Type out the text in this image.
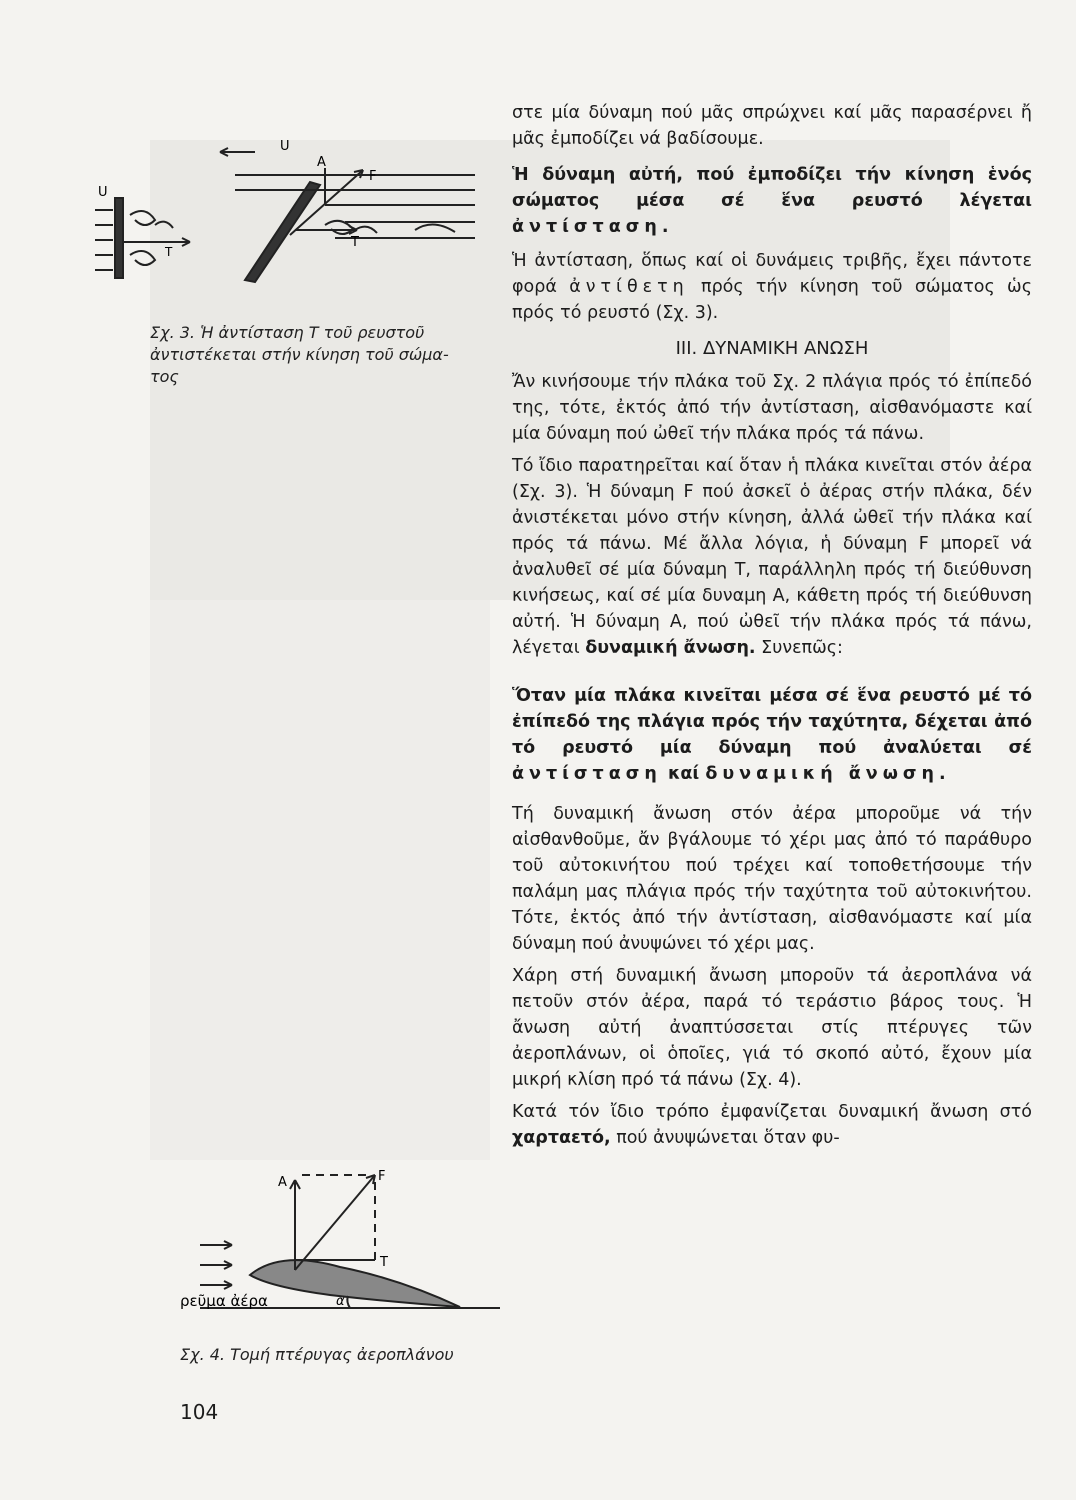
U
U
A
F
T
T
Σχ. 3. Ἡ ἀντίσταση T τοῦ ρευστοῦ
ἀντιστέκεται στήν κίνηση τοῦ σώμα-
τος
A	F
T
α
ρεῦμα ἀέρα
Σχ. 4. Τομή πτέρυγας ἀεροπλάνου
104

στε μία δύναμη πού μᾶς σπρώχνει καί μᾶς παρασέρνει ἤ μᾶς ἐμποδίζει νά βαδίσουμε.

Ἡ δύναμη αὐτή, πού ἐμποδίζει τήν κίνηση ἑνός σώματος μέσα σέ ἕνα ρευστό λέγεται ἀντίσταση.

Ἡ ἀντίσταση, ὅπως καί οἱ δυνάμεις τριβῆς, ἔχει πάντοτε φορά ἀντίθετη πρός τήν κίνηση τοῦ σώματος ὡς πρός τό ρευστό (Σχ. 3).

III. ΔΥΝΑΜΙΚΗ ΑΝΩΣΗ

Ἄν κινήσουμε τήν πλάκα τοῦ Σχ. 2 πλάγια πρός τό ἐπίπεδό της, τότε, ἐκτός ἀπό τήν ἀντίσταση, αἰσθανόμαστε καί μία δύναμη πού ὠθεῖ τήν πλάκα πρός τά πάνω.

Τό ἴδιο παρατηρεῖται καί ὅταν ἡ πλάκα κινεῖται στόν ἀέρα (Σχ. 3). Ἡ δύναμη F πού ἀσκεῖ ὁ ἀέρας στήν πλάκα, δέν ἀνιστέκεται μόνο στήν κίνηση, ἀλλά ὠθεῖ τήν πλάκα καί πρός τά πάνω. Μέ ἄλλα λόγια, ἡ δύναμη F μπορεῖ νά ἀναλυθεῖ σέ μία δύναμη T, παράλληλη πρός τή διεύθυνση κινήσεως, καί σέ μία δυναμη A, κάθετη πρός τή διεύθυνση αὐτή. Ἡ δύναμη A, πού ὠθεῖ τήν πλάκα πρός τά πάνω, λέγεται δυναμική ἄνωση. Συνεπῶς:

Ὅταν μία πλάκα κινεῖται μέσα σέ ἕνα ρευστό μέ τό ἐπίπεδό της πλάγια πρός τήν ταχύτητα, δέχεται ἀπό τό ρευστό μία δύναμη πού ἀναλύεται σέ ἀντίσταση καί δυναμική ἄνωση.

Τή δυναμική ἄνωση στόν ἀέρα μποροῦμε νά τήν αἰσθανθοῦμε, ἄν βγάλουμε τό χέρι μας ἀπό τό παράθυρο τοῦ αὐτοκινήτου πού τρέχει καί τοποθετήσουμε τήν παλάμη μας πλάγια πρός τήν ταχύτητα τοῦ αὐτοκινήτου. Τότε, ἐκτός ἀπό τήν ἀντίσταση, αἰσθανόμαστε καί μία δύναμη πού ἀνυψώνει τό χέρι μας.

Χάρη στή δυναμική ἄνωση μποροῦν τά ἀεροπλάνα νά πετοῦν στόν ἀέρα, παρά τό τεράστιο βάρος τους. Ἡ ἄνωση αὐτή ἀναπτύσσεται στίς πτέρυγες τῶν ἀεροπλάνων, οἱ ὁποῖες, γιά τό σκοπό αὐτό, ἔχουν μία μικρή κλίση πρό τά πάνω (Σχ. 4).

Κατά τόν ἴδιο τρόπο ἐμφανίζεται δυναμική ἄνωση στό χαρταετό, πού ἀνυψώνεται ὅταν φυ-
